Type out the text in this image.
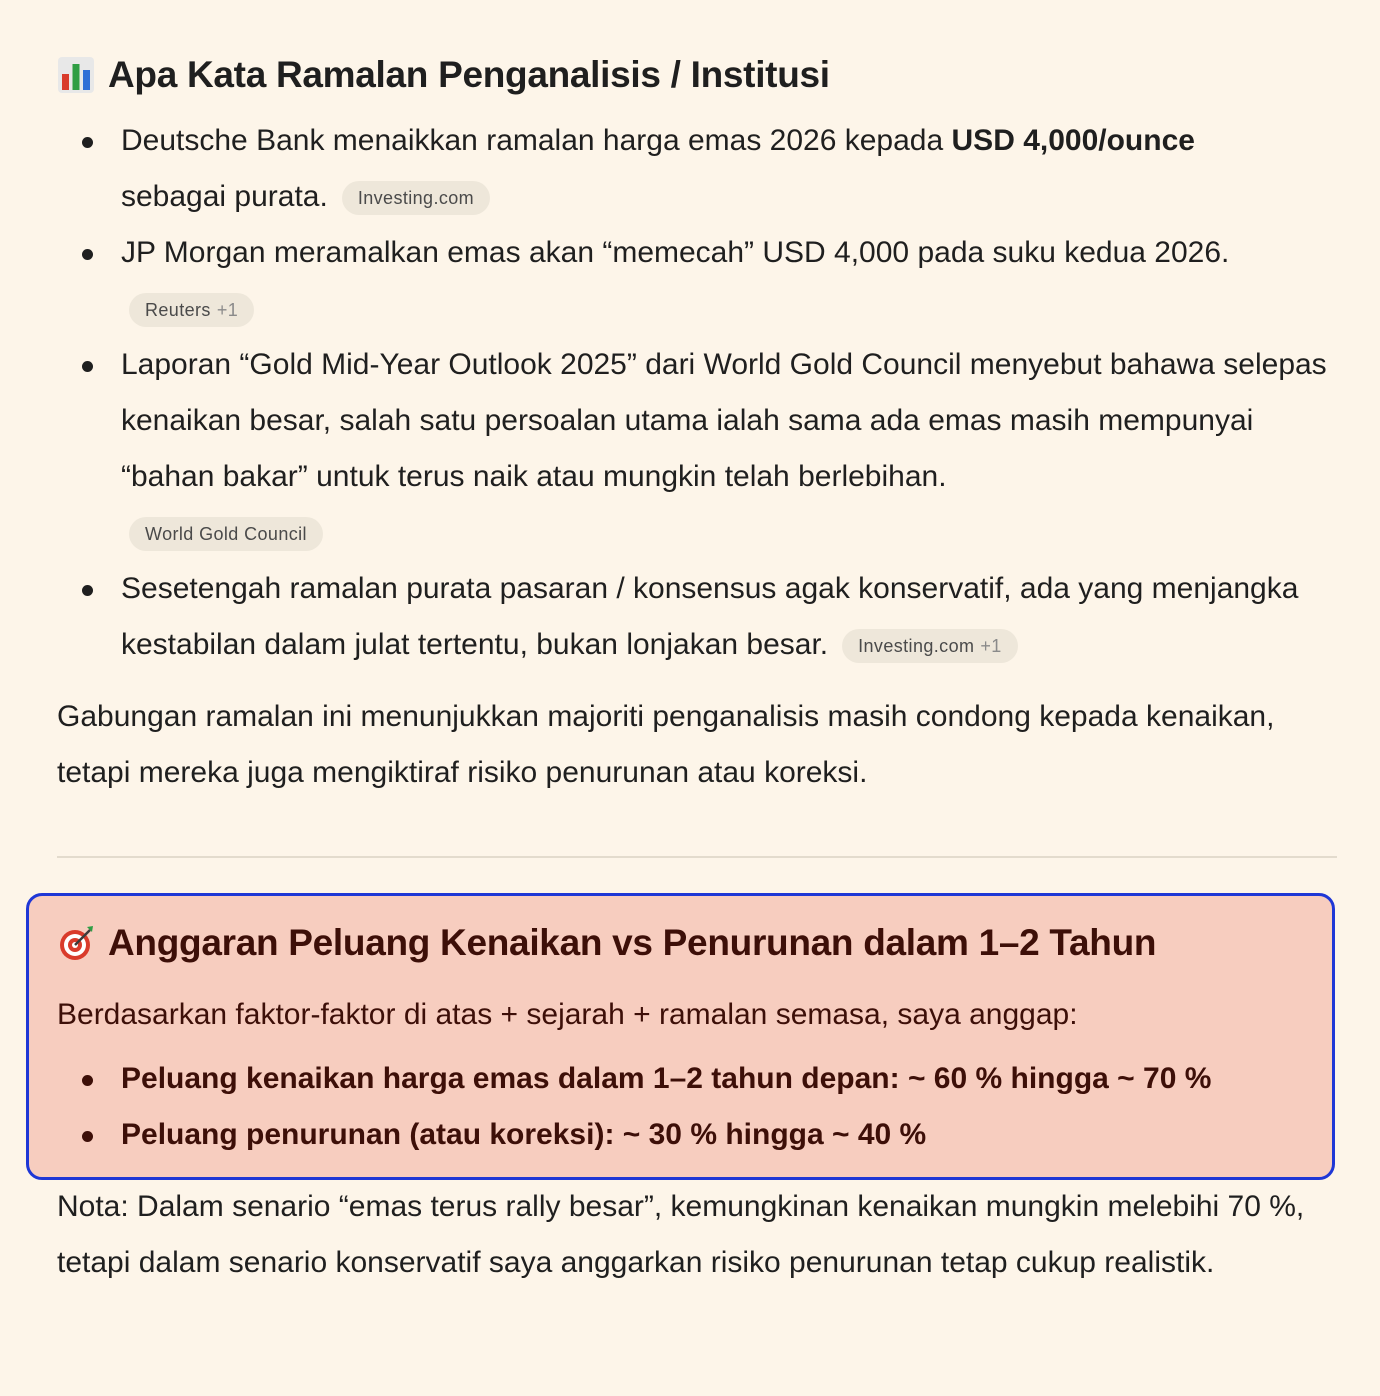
Apa Kata Ramalan Penganalisis / Institusi
Deutsche Bank menaikkan ramalan harga emas 2026 kepada USD 4,000/ounce
sebagai purata. Investing.com
JP Morgan meramalkan emas akan “memecah” USD 4,000 pada suku kedua 2026.
Reuters +1
Laporan “Gold Mid-Year Outlook 2025” dari World Gold Council menyebut bahawa selepas kenaikan besar, salah satu persoalan utama ialah sama ada emas masih mempunyai “bahan bakar” untuk terus naik atau mungkin telah berlebihan.
World Gold Council
Sesetengah ramalan purata pasaran / konsensus agak konservatif, ada yang menjangka kestabilan dalam julat tertentu, bukan lonjakan besar. Investing.com +1
Gabungan ramalan ini menunjukkan majoriti penganalisis masih condong kepada kenaikan, tetapi mereka juga mengiktiraf risiko penurunan atau koreksi.
Anggaran Peluang Kenaikan vs Penurunan dalam 1–2 Tahun
Berdasarkan faktor-faktor di atas + sejarah + ramalan semasa, saya anggap:
Peluang kenaikan harga emas dalam 1–2 tahun depan: ~ 60 % hingga ~ 70 %
Peluang penurunan (atau koreksi): ~ 30 % hingga ~ 40 %
Nota: Dalam senario “emas terus rally besar”, kemungkinan kenaikan mungkin melebihi 70 %, tetapi dalam senario konservatif saya anggarkan risiko penurunan tetap cukup realistik.
